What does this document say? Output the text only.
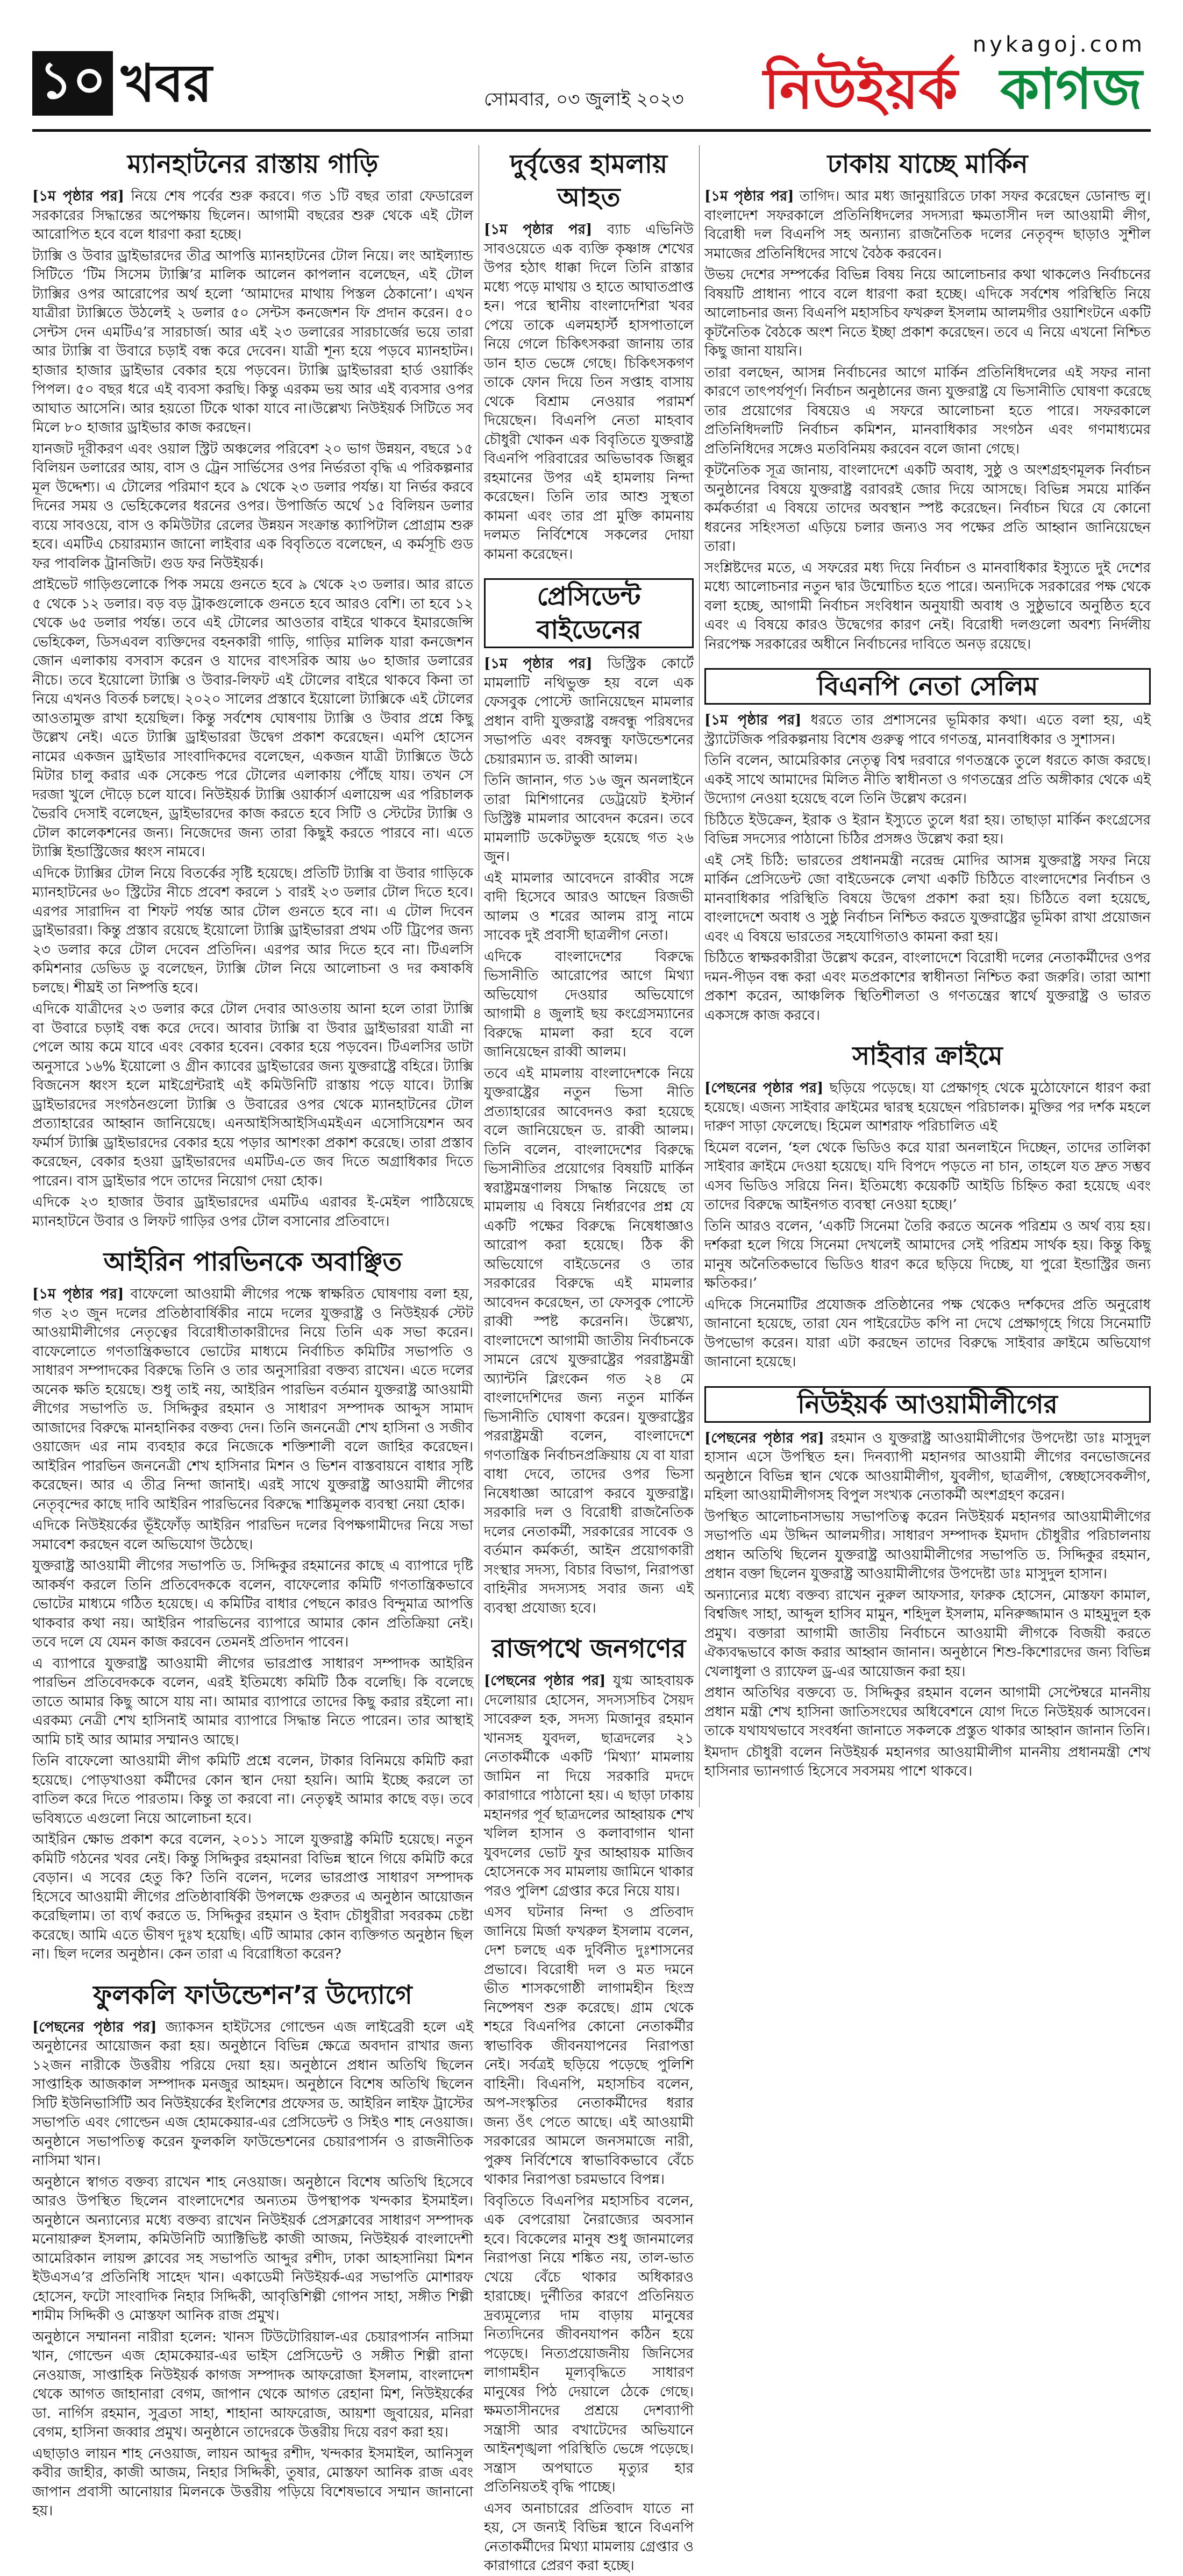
১০ খবর	সোমবার, ০৩ জুলাই ২০২৩
nykagoj.com
নিউইয়র্ক কাগজ
ম্যানহাটনের রাস্তায় গাড়ি

[১ম পৃষ্ঠার পর] নিয়ে শেষ পর্বের শুরু করবে। গত ১টি বছর তারা ফেডারেল সরকারের সিদ্ধান্তের অপেক্ষায় ছিলেন। আগামী বছরের শুরু থেকে এই টোল আরোপিত হবে বলে ধারণা করা হচ্ছে।

ট্যাক্সি ও উবার ড্রাইভারদের তীব্র আপত্তি ম্যানহাটনের টোল নিয়ে। লং আইল্যান্ড সিটিতে ‘টিম সিসেম ট্যাক্সি’র মালিক আলেন কাপলান বলেছেন, এই টোল ট্যাক্সির ওপর আরোপের অর্থ হলো ‘আমাদের মাথায় পিস্তল ঠেকানো’। এখন যাত্রীরা ট্যাক্সিতে উঠলেই ২ ডলার ৫০ সেন্টস কনজেশন ফি প্রদান করেন। ৫০ সেন্টস দেন এমটিএ’র সারচার্জ। আর এই ২৩ ডলারের সারচার্জের ভয়ে তারা আর ট্যাক্সি বা উবারে চড়াই বন্ধ করে দেবেন। যাত্রী শূন্য হয়ে পড়বে ম্যানহাটন। হাজার হাজার ড্রাইভার বেকার হয়ে পড়বেন। ট্যাক্সি ড্রাইভাররা হার্ড ওয়ার্কিং পিপল। ৫০ বছর ধরে এই ব্যবসা করছি। কিন্তু এরকম ভয় আর এই ব্যবসার ওপর আঘাত আসেনি। আর হয়তো টিকে থাকা যাবে না।উল্লেখ্য নিউইয়র্ক সিটিতে সব মিলে ৮০ হাজার ড্রাইভার কাজ করছেন।

যানজট দূরীকরণ এবং ওয়াল স্ট্রিট অঞ্চলের পরিবেশ ২০ ভাগ উন্নয়ন, বছরে ১৫ বিলিয়ন ডলারের আয়, বাস ও ট্রেন সার্ভিসের ওপর নির্ভরতা বৃদ্ধি এ পরিকল্পনার মূল উদ্দেশ্য। এ টোলের পরিমাণ হবে ৯ থেকে ২৩ ডলার পর্যন্ত। যা নির্ভর করবে দিনের সময় ও ভেহিকেলের ধরনের ওপর। উপার্জিত অর্থে ১৫ বিলিয়ন ডলার ব্যয়ে সাবওয়ে, বাস ও কমিউটার রেলের উন্নয়ন সংক্রান্ত ক্যাপিটাল প্রোগ্রাম শুরু হবে। এমটিএ চেয়ারম্যান জানো লাইবার এক বিবৃতিতে বলেছেন, এ কর্মসূচি গুড ফর পাবলিক ট্রানজিট। গুড ফর নিউইয়র্ক।

প্রাইভেট গাড়িগুলোকে পিক সময়ে গুনতে হবে ৯ থেকে ২৩ ডলার। আর রাতে ৫ থেকে ১২ ডলার। বড় বড় ট্রাকগুলোকে গুনতে হবে আরও বেশি। তা হবে ১২ থেকে ৬৫ ডলার পর্যন্ত। তবে এই টোলের আওতার বাইরে থাকবে ইমারজেন্সি ভেহিকেল, ডিসএবল ব্যক্তিদের বহনকারী গাড়ি, গাড়ির মালিক যারা কনজেশন জোন এলাকায় বসবাস করেন ও যাদের বাৎসরিক আয় ৬০ হাজার ডলারের নীচে। তবে ইয়োলো ট্যাক্সি ও উবার-লিফট এই টোলের বাইরে থাকবে কিনা তা নিয়ে এখনও বিতর্ক চলছে। ২০২০ সালের প্রস্তাবে ইয়োলো ট্যাক্সিকে এই টোলের আওতামুক্ত রাখা হয়েছিল। কিন্তু সর্বশেষ ঘোষণায় ট্যাক্সি ও উবার প্রশ্নে কিছু উল্লেখ নেই। এতে ট্যাক্সি ড্রাইভাররা উদ্বেগ প্রকাশ করেছেন। এমপি হোসেন নামের একজন ড্রাইভার সাংবাদিকদের বলেছেন, একজন যাত্রী ট্যাক্সিতে উঠে মিটার চালু করার এক সেকেন্ড পরে টোলের এলাকায় পৌঁছে যায়। তখন সে দরজা খুলে দৌড়ে চলে যাবে। নিউইয়র্ক ট্যাক্সি ওয়ার্কার্স এলায়েন্স এর পরিচালক ভৈরবি দেসাই বলেছেন, ড্রাইভারদের কাজ করতে হবে সিটি ও স্টেটের ট্যাক্সি ও টোল কালেকশনের জন্য। নিজেদের জন্য তারা কিছুই করতে পারবে না। এতে ট্যাক্সি ইন্ডাস্ট্রিজের ধ্বংস নামবে।

এদিকে ট্যাক্সির টোল নিয়ে বিতর্কের সৃষ্টি হয়েছে। প্রতিটি ট্যাক্সি বা উবার গাড়িকে ম্যানহাটনের ৬০ স্ট্রিটের নীচে প্রবেশ করলে ১ বারই ২৩ ডলার টোল দিতে হবে। এরপর সারাদিন বা শিফট পর্যন্ত আর টোল গুনতে হবে না। এ টোল দিবেন ড্রাইভাররা। কিন্তু প্রস্তাব রয়েছে ইয়োলো ট্যাক্সি ড্রাইভাররা প্রথম ৩টি ট্রিপের জন্য ২৩ ডলার করে টোল দেবেন প্রতিদিন। এরপর আর দিতে হবে না। টিএলসি কমিশনার ডেভিড ডু বলেছেন, ট্যাক্সি টোল নিয়ে আলোচনা ও দর কষাকষি চলছে। শীঘ্রই তা নিষ্পত্তি হবে।

এদিকে যাত্রীদের ২৩ ডলার করে টোল দেবার আওতায় আনা হলে তারা ট্যাক্সি বা উবারে চড়াই বন্ধ করে দেবে। আবার ট্যাক্সি বা উবার ড্রাইভাররা যাত্রী না পেলে আয় কমে যাবে এবং বেকার হবেন। বেকার হয়ে পড়বেন। টিএলসির ডাটা অনুসারে ১৬% ইয়োলো ও গ্রীন ক্যাবের ড্রাইভারের জন্য যুক্তরাষ্ট্রে বহিরে। ট্যাক্সি বিজনেস ধ্বংস হলে মাইগ্রেন্টরাই এই কমিউনিটি রাস্তায় পড়ে যাবে। ট্যাক্সি ড্রাইভারদের সংগঠনগুলো ট্যাক্সি ও উবারের ওপর থেকে ম্যানহাটনের টোল প্রত্যাহারের আহ্বান জানিয়েছে। এনআইসিআইসিএমইএন এসোসিয়েশন অব ফর্মার্স ট্যাক্সি ড্রাইভারদের বেকার হয়ে পড়ার আশংকা প্রকাশ করেছে। তারা প্রস্তাব করেছেন, বেকার হওয়া ড্রাইভারদের এমটিএ-তে জব দিতে অগ্রাধিকার দিতে পারেন। বাস ড্রাইভার পদে তাদের নিয়োগ দেয়া হোক।

এদিকে ২৩ হাজার উবার ড্রাইভারদের এমটিএ এরাবর ই-মেইল পাঠিয়েছে ম্যানহাটনে উবার ও লিফট গাড়ির ওপর টোল বসানোর প্রতিবাদে।

আইরিন পারভিনকে অবাঞ্ছিত

[১ম পৃষ্ঠার পর] বাফেলো আওয়ামী লীগের পক্ষে স্বাক্ষরিত ঘোষণায় বলা হয়, গত ২৩ জুন দলের প্রতিষ্ঠাবার্ষিকীর নামে দলের যুক্তরাষ্ট্র ও নিউইয়র্ক স্টেট আওয়ামীলীগের নেতৃত্বের বিরোধীতাকারীদের নিয়ে তিনি এক সভা করেন। বাফেলোতে গণতান্ত্রিকভাবে ভোটের মাধ্যমে নির্বাচিত কমিটির সভাপতি ও সাধারণ সম্পাদকের বিরুদ্ধে তিনি ও তার অনুসারিরা বক্তব্য রাখেন। এতে দলের অনেক ক্ষতি হয়েছে। শুধু তাই নয়, আইরিন পারভিন বর্তমান যুক্তরাষ্ট্র আওয়ামী লীগের সভাপতি ড. সিদ্দিকুর রহমান ও সাধারণ সম্পাদক আব্দুস সামাদ আজাদের বিরুদ্ধে মানহানিকর বক্তব্য দেন। তিনি জননেত্রী শেখ হাসিনা ও সজীব ওয়াজেদ এর নাম ব্যবহার করে নিজেকে শক্তিশালী বলে জাহির করেছেন। আইরিন পারভিন জননেত্রী শেখ হাসিনার মিশন ও ভিশন বাস্তবায়নে বাধার সৃষ্টি করেছেন। আর এ তীব্র নিন্দা জানাই। এরই সাথে যুক্তরাষ্ট্র আওয়ামী লীগের নেতৃবৃন্দের কাছে দাবি আইরিন পারভিনের বিরুদ্ধে শাস্তিমূলক ব্যবস্থা নেয়া হোক।

এদিকে নিউইয়র্কের ভূঁইফোঁড় আইরিন পারভিন দলের বিপক্ষগামীদের নিয়ে সভা সমাবেশ করছেন বলে অভিযোগ উঠেছে।

যুক্তরাষ্ট্র আওয়ামী লীগের সভাপতি ড. সিদ্দিকুর রহমানের কাছে এ ব্যাপারে দৃষ্টি আকর্ষণ করলে তিনি প্রতিবেদককে বলেন, বাফেলোর কমিটি গণতান্ত্রিকভাবে ভোটের মাধ্যমে গঠিত হয়েছে। এ কমিটির বাধার পেছনে কারও বিন্দুমাত্র আপত্তি থাকবার কথা নয়। আইরিন পারভিনের ব্যাপারে আমার কোন প্রতিক্রিয়া নেই। তবে দলে যে যেমন কাজ করবেন তেমনই প্রতিদান পাবেন।

এ ব্যাপারে যুক্তরাষ্ট্র আওয়ামী লীগের ভারপ্রাপ্ত সাধারণ সম্পাদক আইরিন পারভিন প্রতিবেদককে বলেন, এরই ইতিমধ্যে কমিটি ঠিক বলেছি। কি বলেছে তাতে আমার কিছু আসে যায় না। আমার ব্যাপারে তাদের কিছু করার রইলো না। এরকম্য নেত্রী শেখ হাসিনাই আমার ব্যাপারে সিদ্ধান্ত নিতে পারেন। তার আস্থাই আমি চাই আর আমার সম্মানও আছে।

তিনি বাফেলো আওয়ামী লীগ কমিটি প্রশ্নে বলেন, টাকার বিনিময়ে কমিটি করা হয়েছে। পোড়খাওয়া কর্মীদের কোন স্থান দেয়া হয়নি। আমি ইচ্ছে করলে তা বাতিল করে দিতে পারতাম। কিন্তু তা করবো না। নেতৃত্বই আমার কাছে বড়। তবে ভবিষ্যতে এগুলো নিয়ে আলোচনা হবে।

আইরিন ক্ষোভ প্রকাশ করে বলেন, ২০১১ সালে যুক্তরাষ্ট্র কমিটি হয়েছে। নতুন কমিটি গঠনের খবর নেই। কিন্তু সিদ্দিকুর রহমানরা বিভিন্ন স্থানে গিয়ে কমিটি করে বেড়ান। এ সবের হেতু কি? তিনি বলেন, দলের ভারপ্রাপ্ত সাধারণ সম্পাদক হিসেবে আওয়ামী লীগের প্রতিষ্ঠাবার্ষিকী উপলক্ষে গুরুতর এ অনুষ্ঠান আয়োজন করেছিলাম। তা ব্যর্থ করতে ড. সিদ্দিকুর রহমান ও ইবাদ চৌধুরীরা সবরকম চেষ্টা করেছে। আমি এতে ভীষণ দুঃখ হয়েছি। এটি আমার কোন ব্যক্তিগত অনুষ্ঠান ছিল না। ছিল দলের অনুষ্ঠান। কেন তারা এ বিরোধিতা করেন?

ফুলকলি ফাউন্ডেশন’র উদ্যোগে

[পেছনের পৃষ্ঠার পর] জ্যাকসন হাইটসের গোল্ডেন এজ লাইব্রেরী হলে এই অনুষ্ঠানের আয়োজন করা হয়। অনুষ্ঠানে বিভিন্ন ক্ষেত্রে অবদান রাখার জন্য ১২জন নারীকে উত্তরীয় পরিয়ে দেয়া হয়। অনুষ্ঠানে প্রধান অতিথি ছিলেন সাপ্তাহিক আজকাল সম্পাদক মনজুর আহমদ। অনুষ্ঠানে বিশেষ অতিথি ছিলেন সিটি ইউনিভার্সিটি অব নিউইয়র্কের ইংলিশের প্রফেসর ড. আইরিন লাইফ ট্রাস্টের সভাপতি এবং গোল্ডেন এজ হোমকেয়ার-এর প্রেসিডেন্ট ও সিইও শাহ নেওয়াজ। অনুষ্ঠানে সভাপতিত্ব করেন ফুলকলি ফাউন্ডেশনের চেয়ারপার্সন ও রাজনীতিক নাসিমা খান।

অনুষ্ঠানে স্বাগত বক্তব্য রাখেন শাহ নেওয়াজ। অনুষ্ঠানে বিশেষ অতিথি হিসেবে আরও উপস্থিত ছিলেন বাংলাদেশের অন্যতম উপস্থাপক খন্দকার ইসমাইল। অনুষ্ঠানে অন্যান্যের মধ্যে বক্তব্য রাখেন নিউইয়র্ক প্রেসক্লাবের সাধারণ সম্পাদক মনোয়ারুল ইসলাম, কমিউনিটি অ্যাক্টিভিষ্ট কাজী আজম, নিউইয়র্ক বাংলাদেশী আমেরিকান লায়ন্স ক্লাবের সহ সভাপতি আব্দুর রশীদ, ঢাকা আহসানিয়া মিশন ইউএসএ’র প্রতিনিধি সাহেদ খান। একাডেমী নিউইয়র্ক-এর সভাপতি মোশারফ হোসেন, ফটো সাংবাদিক নিহার সিদ্দিকী, আবৃত্তিশিল্পী গোপন সাহা, সঙ্গীত শিল্পী শামীম সিদ্দিকী ও মোস্তফা আনিক রাজ প্রমুখ।

অনুষ্ঠানে সম্মাননা নারীরা হলেন: খানস টিউটোরিয়াল-এর চেয়ারপার্সন নাসিমা খান, গোল্ডেন এজ হোমকেয়ার-এর ভাইস প্রেসিডেন্ট ও সঙ্গীত শিল্পী রানা নেওয়াজ, সাপ্তাহিক নিউইয়র্ক কাগজ সম্পাদক আফরোজা ইসলাম, বাংলাদেশ থেকে আগত জাহানারা বেগম, জাপান থেকে আগত রেহানা মিশ, নিউইয়র্কের ডা. নার্গিস রহমান, সুব্রতা সাহা, শাহানা আফরোজ, আয়শা জুবায়ের, মনিরা বেগম, হাসিনা জব্বার প্রমুখ। অনুষ্ঠানে তাদেরকে উত্তরীয় দিয়ে বরণ করা হয়।

এছাড়াও লায়ন শাহ নেওয়াজ, লায়ন আব্দুর রশীদ, খন্দকার ইসমাইল, আনিসুল কবীর জাহীর, কাজী আজম, নিহার সিদ্দিকী, তুষার, মোস্তফা আনিক রাজ এবং জাপান প্রবাসী আনোয়ার মিলনকে উত্তরীয় পড়িয়ে বিশেষভাবে সম্মান জানানো হয়।

দুর্বৃত্তের হামলায় আহত

[১ম পৃষ্ঠার পর] ব্যাচ এভিনিউ সাবওয়েতে এক ব্যক্তি কৃষ্ণাঙ্গ শেখের উপর হঠাৎ ধাক্কা দিলে তিনি রাস্তার মধ্যে পড়ে মাথায় ও হাতে আঘাতপ্রাপ্ত হন। পরে স্থানীয় বাংলাদেশিরা খবর পেয়ে তাকে এলমহার্স্ট হাসপাতালে নিয়ে গেলে চিকিৎসকরা জানায় তার ডান হাত ভেঙ্গে গেছে। চিকিৎসকগণ তাকে ফোন দিয়ে তিন সপ্তাহ বাসায় থেকে বিশ্রাম নেওয়ার পরামর্শ দিয়েছেন। বিএনপি নেতা মাহবাব চৌধুরী খোকন এক বিবৃতিতে যুক্তরাষ্ট্র বিএনপি পরিবারের অভিভাবক জিল্লুর রহমানের উপর এই হামলায় নিন্দা করেছেন। তিনি তার আশু সুস্থতা কামনা এবং তার প্রা মুক্তি কামনায় দলমত নির্বিশেষে সকলের দোয়া কামনা করেছেন।

প্রেসিডেন্ট বাইডেনের

[১ম পৃষ্ঠার পর] ডিস্ট্রিক কোর্টে মামলাটি নথিভুক্ত হয় বলে এক ফেসবুক পোস্টে জানিয়েছেন মামলার প্রধান বাদী যুক্তরাষ্ট্র বঙ্গবন্ধু পরিষদের সভাপতি এবং বঙ্গবন্ধু ফাউন্ডেশনের চেয়ারম্যান ড. রাব্বী আলম।

তিনি জানান, গত ১৬ জুন অনলাইনে তারা মিশিগানের ডেট্রয়েট ইস্টার্ন ডিস্ট্রিক্ট মামলার আবেদন করেন। তবে মামলাটি ডকেটভুক্ত হয়েছে গত ২৬ জুন।

এই মামলার আবেদনে রাব্বীর সঙ্গে বাদী হিসেবে আরও আছেন রিজভী আলম ও শরের আলম রাসু নামে সাবেক দুই প্রবাসী ছাত্রলীগ নেতা।

এদিকে বাংলাদেশের বিরুদ্ধে ভিসানীতি আরোপের আগে মিথ্যা অভিযোগ দেওয়ার অভিযোগে আগামী ৪ জুলাই ছয় কংগ্রেসম্যানের বিরুদ্ধে মামলা করা হবে বলে জানিয়েছেন রাব্বী আলম।

তবে এই মামলায় বাংলাদেশকে নিয়ে যুক্তরাষ্ট্রের নতুন ভিসা নীতি প্রত্যাহারের আবেদনও করা হয়েছে বলে জানিয়েছেন ড. রাব্বী আলম। তিনি বলেন, বাংলাদেশের বিরুদ্ধে ভিসানীতির প্রয়োগের বিষয়টি মার্কিন স্বরাষ্ট্রমন্ত্রণালয় সিদ্ধান্ত নিয়েছে তা মামলায় এ বিষয়ে নির্ধারণের প্রশ্ন যে একটি পক্ষের বিরুদ্ধে নিষেধাজ্ঞাও আরোপ করা হয়েছে। ঠিক কী অভিযোগে বাইডেনের ও তার সরকারের বিরুদ্ধে এই মামলার আবেদন করেছেন, তা ফেসবুক পোস্টে রাব্বী স্পষ্ট করেননি। উল্লেখ্য, বাংলাদেশে আগামী জাতীয় নির্বাচনকে সামনে রেখে যুক্তরাষ্ট্রের পররাষ্ট্রমন্ত্রী অ্যান্টনি ব্লিংকেন গত ২৪ মে বাংলাদেশিদের জন্য নতুন মার্কিন ভিসানীতি ঘোষণা করেন। যুক্তরাষ্ট্রের পররাষ্ট্রমন্ত্রী বলেন, বাংলাদেশে গণতান্ত্রিক নির্বাচনপ্রক্রিয়ায় যে বা যারা বাধা দেবে, তাদের ওপর ভিসা নিষেধাজ্ঞা আরোপ করবে যুক্তরাষ্ট্র। সরকারি দল ও বিরোধী রাজনৈতিক দলের নেতাকর্মী, সরকারের সাবেক ও বর্তমান কর্মকর্তা, আইন প্রয়োগকারী সংস্থার সদস্য, বিচার বিভাগ, নিরাপত্তা বাহিনীর সদস্যসহ সবার জন্য এই ব্যবস্থা প্রযোজ্য হবে।

রাজপথে জনগণের

[পেছনের পৃষ্ঠার পর] যুগ্ম আহবায়ক দেলোয়ার হোসেন, সদস্যসচিব সৈয়দ সাবেরুল হক, সদস্য মিজানুর রহমান খানসহ যুবদল, ছাত্রদলের ২১ নেতাকর্মীকে একটি ‘মিথ্যা’ মামলায় জামিন না দিয়ে সরকারি মদদে কারাগারে পাঠানো হয়। এ ছাড়া ঢাকায় মহানগর পূর্ব ছাত্রদলের আহ্বায়ক শেখ খলিল হাসান ও কলাবাগান থানা যুবদলের ভোট ফুর আহ্বায়ক মাজিব হোসেনকে সব মামলায় জামিনে থাকার পরও পুলিশ গ্রেপ্তার করে নিয়ে যায়।

এসব ঘটনার নিন্দা ও প্রতিবাদ জানিয়ে মির্জা ফখরুল ইসলাম বলেন, দেশ চলছে এক দুর্বিনীত দুঃশাসনের প্রভাবে। বিরোধী দল ও মত দমনে ভীত শাসকগোষ্ঠী লাগামহীন হিংস্র নিষ্পেষণ শুরু করেছে। গ্রাম থেকে শহরে বিএনপির কোনো নেতাকর্মীর স্বাভাবিক জীবনযাপনের নিরাপত্তা নেই। সর্বত্রই ছড়িয়ে পড়েছে পুলিশি বাহিনী। বিএনপি, মহাসচিব বলেন, অপ-সংস্কৃতির নেতাকর্মীদের ধরার জন্য ওঁৎ পেতে আছে। এই আওয়ামী সরকারের আমলে জনসমাজে নারী, পুরুষ নির্বিশেষে স্বাভাবিকভাবে বেঁচে থাকার নিরাপত্তা চরমভাবে বিপন্ন।

বিবৃতিতে বিএনপির মহাসচিব বলেন, এক বেপরোয়া নৈরাজ্যের অবসান হবে। বিকেলের মানুষ শুধু জানমালের নিরাপত্তা নিয়ে শঙ্কিত নয়, তাল-ভাত খেয়ে বেঁচে থাকার অধিকারও হারাচ্ছে। দুর্নীতির কারণে প্রতিনিয়ত দ্রব্যমূল্যের দাম বাড়ায় মানুষের নিত্যদিনের জীবনযাপন কঠিন হয়ে পড়েছে। নিত্যপ্রয়োজনীয় জিনিসের লাগামহীন মূল্যবৃদ্ধিতে সাধারণ মানুষের পিঠ দেয়ালে ঠেকে গেছে। ক্ষমতাসীনদের প্রশ্রয়ে দেশব্যাপী সন্ত্রাসী আর বখাটেদের অভিযানে আইনশৃঙ্খলা পরিস্থিতি ভেঙ্গে পড়েছে। সন্ত্রাস অপঘাতে মৃত্যুর হার প্রতিনিয়তই বৃদ্ধি পাচ্ছে।

এসব অনাচারের প্রতিবাদ যাতে না হয়, সে জন্যই বিভিন্ন স্থানে বিএনপি নেতাকর্মীদের মিথ্যা মামলায় গ্রেপ্তার ও কারাগারে প্রেরণ করা হচ্ছে।

ঢাকায় যাচ্ছে মার্কিন

[১ম পৃষ্ঠার পর] তাগিদ। আর মধ্য জানুয়ারিতে ঢাকা সফর করেছেন ডোনাল্ড লু। বাংলাদেশ সফরকালে প্রতিনিধিদলের সদস্যরা ক্ষমতাসীন দল আওয়ামী লীগ, বিরোধী দল বিএনপি সহ অন্যান্য রাজনৈতিক দলের নেতৃবৃন্দ ছাড়াও সুশীল সমাজের প্রতিনিধিদের সাথে বৈঠক করবেন।

উভয় দেশের সম্পর্কের বিভিন্ন বিষয় নিয়ে আলোচনার কথা থাকলেও নির্বাচনের বিষয়টি প্রাধান্য পাবে বলে ধারণা করা হচ্ছে। এদিকে সর্বশেষ পরিস্থিতি নিয়ে আলোচনার জন্য বিএনপি মহাসচিব ফখরুল ইসলাম আলমগীর ওয়াশিংটনে একটি কূটনৈতিক বৈঠকে অংশ নিতে ইচ্ছা প্রকাশ করেছেন। তবে এ নিয়ে এখনো নিশ্চিত কিছু জানা যায়নি।

তারা বলছেন, আসন্ন নির্বাচনের আগে মার্কিন প্রতিনিধিদলের এই সফর নানা কারণে তাৎপর্যপূর্ণ। নির্বাচন অনুষ্ঠানের জন্য যুক্তরাষ্ট্র যে ভিসানীতি ঘোষণা করেছে তার প্রয়োগের বিষয়েও এ সফরে আলোচনা হতে পারে। সফরকালে প্রতিনিধিদলটি নির্বাচন কমিশন, মানবাধিকার সংগঠন এবং গণমাধ্যমের প্রতিনিধিদের সঙ্গেও মতবিনিময় করবেন বলে জানা গেছে।

কূটনৈতিক সূত্র জানায়, বাংলাদেশে একটি অবাধ, সুষ্ঠু ও অংশগ্রহণমূলক নির্বাচন অনুষ্ঠানের বিষয়ে যুক্তরাষ্ট্র বরাবরই জোর দিয়ে আসছে। বিভিন্ন সময়ে মার্কিন কর্মকর্তারা এ বিষয়ে তাদের অবস্থান স্পষ্ট করেছেন। নির্বাচন ঘিরে যে কোনো ধরনের সহিংসতা এড়িয়ে চলার জন্যও সব পক্ষের প্রতি আহ্বান জানিয়েছেন তারা।

সংশ্লিষ্টদের মতে, এ সফরের মধ্য দিয়ে নির্বাচন ও মানবাধিকার ইস্যুতে দুই দেশের মধ্যে আলোচনার নতুন দ্বার উন্মোচিত হতে পারে। অন্যদিকে সরকারের পক্ষ থেকে বলা হচ্ছে, আগামী নির্বাচন সংবিধান অনুযায়ী অবাধ ও সুষ্ঠুভাবে অনুষ্ঠিত হবে এবং এ বিষয়ে কারও উদ্বেগের কারণ নেই। বিরোধী দলগুলো অবশ্য নির্দলীয় নিরপেক্ষ সরকারের অধীনে নির্বাচনের দাবিতে অনড় রয়েছে।

বিএনপি নেতা সেলিম

[১ম পৃষ্ঠার পর] ধরতে তার প্রশাসনের ভূমিকার কথা। এতে বলা হয়, এই স্ট্র্যাটেজিক পরিকল্পনায় বিশেষ গুরুত্ব পাবে গণতন্ত্র, মানবাধিকার ও সুশাসন।

তিনি বলেন, আমেরিকার নেতৃত্ব বিশ্ব দরবারে গণতন্ত্রকে তুলে ধরতে কাজ করছে। একই সাথে আমাদের মিলিত নীতি স্বাধীনতা ও গণতন্ত্রের প্রতি অঙ্গীকার থেকে এই উদ্যোগ নেওয়া হয়েছে বলে তিনি উল্লেখ করেন।

চিঠিতে ইউক্রেন, ইরাক ও ইরান ইস্যুতে তুলে ধরা হয়। তাছাড়া মার্কিন কংগ্রেসের বিভিন্ন সদস্যের পাঠানো চিঠির প্রসঙ্গও উল্লেখ করা হয়।

এই সেই চিঠি: ভারতের প্রধানমন্ত্রী নরেন্দ্র মোদির আসন্ন যুক্তরাষ্ট্র সফর নিয়ে মার্কিন প্রেসিডেন্ট জো বাইডেনকে লেখা একটি চিঠিতে বাংলাদেশের নির্বাচন ও মানবাধিকার পরিস্থিতি বিষয়ে উদ্বেগ প্রকাশ করা হয়। চিঠিতে বলা হয়েছে, বাংলাদেশে অবাধ ও সুষ্ঠু নির্বাচন নিশ্চিত করতে যুক্তরাষ্ট্রের ভূমিকা রাখা প্রয়োজন এবং এ বিষয়ে ভারতের সহযোগিতাও কামনা করা হয়।

চিঠিতে স্বাক্ষরকারীরা উল্লেখ করেন, বাংলাদেশে বিরোধী দলের নেতাকর্মীদের ওপর দমন-পীড়ন বন্ধ করা এবং মতপ্রকাশের স্বাধীনতা নিশ্চিত করা জরুরি। তারা আশা প্রকাশ করেন, আঞ্চলিক স্থিতিশীলতা ও গণতন্ত্রের স্বার্থে যুক্তরাষ্ট্র ও ভারত একসঙ্গে কাজ করবে।

সাইবার ক্রাইমে

[পেছনের পৃষ্ঠার পর] ছড়িয়ে পড়েছে। যা প্রেক্ষাগৃহ থেকে মুঠোফোনে ধারণ করা হয়েছে। এজন্য সাইবার ক্রাইমের দ্বারস্থ হয়েছেন পরিচালক। মুক্তির পর দর্শক মহলে দারুণ সাড়া ফেলেছে। হিমেল আশরাফ পরিচালিত এই

হিমেল বলেন, ‘হল থেকে ভিডিও করে যারা অনলাইনে দিচ্ছেন, তাদের তালিকা সাইবার ক্রাইমে দেওয়া হয়েছে। যদি বিপদে পড়তে না চান, তাহলে যত দ্রুত সম্ভব এসব ভিডিও সরিয়ে নিন। ইতিমধ্যে কয়েকটি আইডি চিহ্নিত করা হয়েছে এবং তাদের বিরুদ্ধে আইনগত ব্যবস্থা নেওয়া হচ্ছে।’

তিনি আরও বলেন, ‘একটি সিনেমা তৈরি করতে অনেক পরিশ্রম ও অর্থ ব্যয় হয়। দর্শকরা হলে গিয়ে সিনেমা দেখলেই আমাদের সেই পরিশ্রম সার্থক হয়। কিন্তু কিছু মানুষ অনৈতিকভাবে ভিডিও ধারণ করে ছড়িয়ে দিচ্ছে, যা পুরো ইন্ডাস্ট্রির জন্য ক্ষতিকর।’

এদিকে সিনেমাটির প্রযোজক প্রতিষ্ঠানের পক্ষ থেকেও দর্শকদের প্রতি অনুরোধ জানানো হয়েছে, তারা যেন পাইরেটেড কপি না দেখে প্রেক্ষাগৃহে গিয়ে সিনেমাটি উপভোগ করেন। যারা এটা করছেন তাদের বিরুদ্ধে সাইবার ক্রাইমে অভিযোগ জানানো হয়েছে।

নিউইয়র্ক আওয়ামীলীগের

[পেছনের পৃষ্ঠার পর] রহমান ও যুক্তরাষ্ট্র আওয়ামীলীগের উপদেষ্টা ডাঃ মাসুদুল হাসান এসে উপস্থিত হন। দিনব্যাপী মহানগর আওয়ামী লীগের বনভোজনের অনুষ্ঠানে বিভিন্ন স্থান থেকে আওয়ামীলীগ, যুবলীগ, ছাত্রলীগ, স্বেচ্ছাসেবকলীগ, মহিলা আওয়ামীলীগসহ বিপুল সংখ্যক নেতাকর্মী অংশগ্রহণ করেন।

উপস্থিত আলোচনাসভায় সভাপতিত্ব করেন নিউইয়র্ক মহানগর আওয়ামীলীগের সভাপতি এম উদ্দিন আলমগীর। সাধারণ সম্পাদক ইমদাদ চৌধুরীর পরিচালনায় প্রধান অতিথি ছিলেন যুক্তরাষ্ট্র আওয়ামীলীগের সভাপতি ড. সিদ্দিকুর রহমান, প্রধান বক্তা ছিলেন যুক্তরাষ্ট্র আওয়ামীলীগের উপদেষ্টা ডাঃ মাসুদুল হাসান।

অন্যান্যের মধ্যে বক্তব্য রাখেন নুরুল আফসার, ফারুক হোসেন, মোস্তফা কামাল, বিশ্বজিৎ সাহা, আব্দুল হাসিব মামুন, শহিদুল ইসলাম, মনিরুজ্জামান ও মাহমুদুল হক প্রমুখ। বক্তারা আগামী জাতীয় নির্বাচনে আওয়ামী লীগকে বিজয়ী করতে ঐক্যবদ্ধভাবে কাজ করার আহ্বান জানান। অনুষ্ঠানে শিশু-কিশোরদের জন্য বিভিন্ন খেলাধুলা ও র‍্যাফেল ড্র-এর আয়োজন করা হয়।

প্রধান অতিথির বক্তব্যে ড. সিদ্দিকুর রহমান বলেন আগামী সেপ্টেম্বরে মাননীয় প্রধান মন্ত্রী শেখ হাসিনা জাতিসংঘের অধিবেশনে যোগ দিতে নিউইয়র্ক আসবেন। তাকে যথাযথভাবে সংবর্ধনা জানাতে সকলকে প্রস্তুত থাকার আহ্বান জানান তিনি।

ইমদাদ চৌধুরী বলেন নিউইয়র্ক মহানগর আওয়ামীলীগ মাননীয় প্রধানমন্ত্রী শেখ হাসিনার ভ্যানগার্ড হিসেবে সবসময় পাশে থাকবে।
